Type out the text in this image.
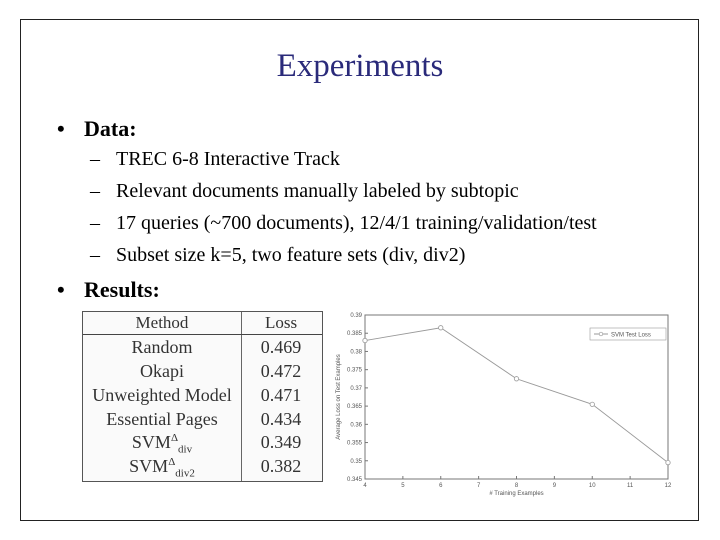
Experiments
• Data:
– TREC 6-8 Interactive Track
– Relevant documents manually labeled by subtopic
– 17 queries (~700 documents), 12/4/1 training/validation/test
– Subset size k=5, two feature sets (div, div2)
• Results:
Method	Loss
Random	0.469
Okapi	0.472
Unweighted Model	0.471
Essential Pages	0.434
$SVM^\Delta_{div}$	0.349
$SVM^\Delta_{div2}$	0.382
0.345
0.35
0.355
0.36
0.365
0.37
0.375
0.38
0.385
0.39
4	5	6	7	8	9	10	11	12
# Training Examples
Average Loss on Test Examples
SVM Test Loss
